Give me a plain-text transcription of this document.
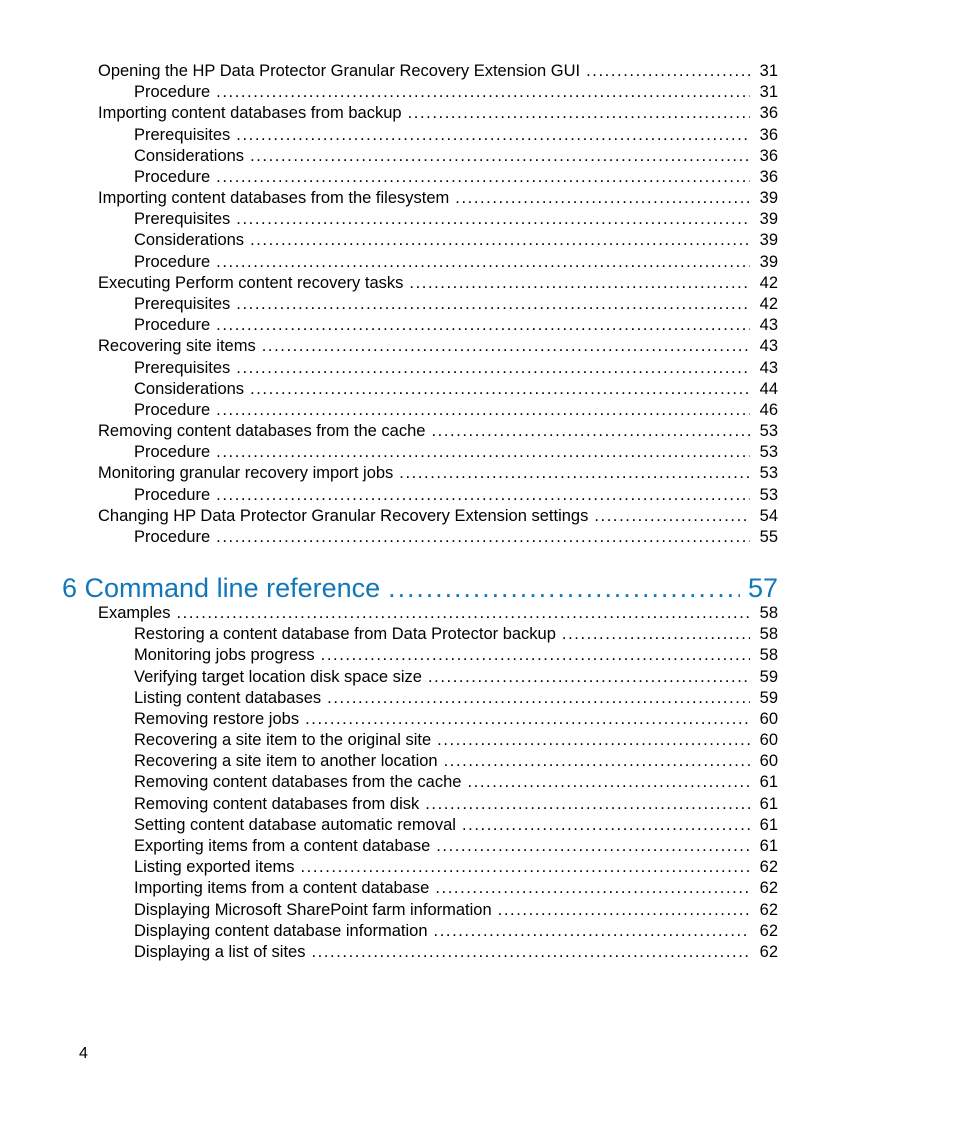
6 Command line reference .....	57
4
Opening the HP Data Protector Granular Recovery Extension GUI .....	31
Procedure .....	31
Importing content databases from backup .....	36
Prerequisites .....	36
Considerations .....	36
Procedure .....	36
Importing content databases from the filesystem .....	39
Prerequisites .....	39
Considerations .....	39
Procedure .....	39
Executing Perform content recovery tasks .....	42
Prerequisites .....	42
Procedure .....	43
Recovering site items .....	43
Prerequisites .....	43
Considerations .....	44
Procedure .....	46
Removing content databases from the cache .....	53
Procedure .....	53
Monitoring granular recovery import jobs .....	53
Procedure .....	53
Changing HP Data Protector Granular Recovery Extension settings .....	54
Procedure .....	55
Examples .....	58
Restoring a content database from Data Protector backup .....	58
Monitoring jobs progress .....	58
Verifying target location disk space size .....	59
Listing content databases .....	59
Removing restore jobs .....	60
Recovering a site item to the original site .....	60
Recovering a site item to another location .....	60
Removing content databases from the cache .....	61
Removing content databases from disk .....	61
Setting content database automatic removal .....	61
Exporting items from a content database .....	61
Listing exported items .....	62
Importing items from a content database .....	62
Displaying Microsoft SharePoint farm information .....	62
Displaying content database information .....	62
Displaying a list of sites .....	62
